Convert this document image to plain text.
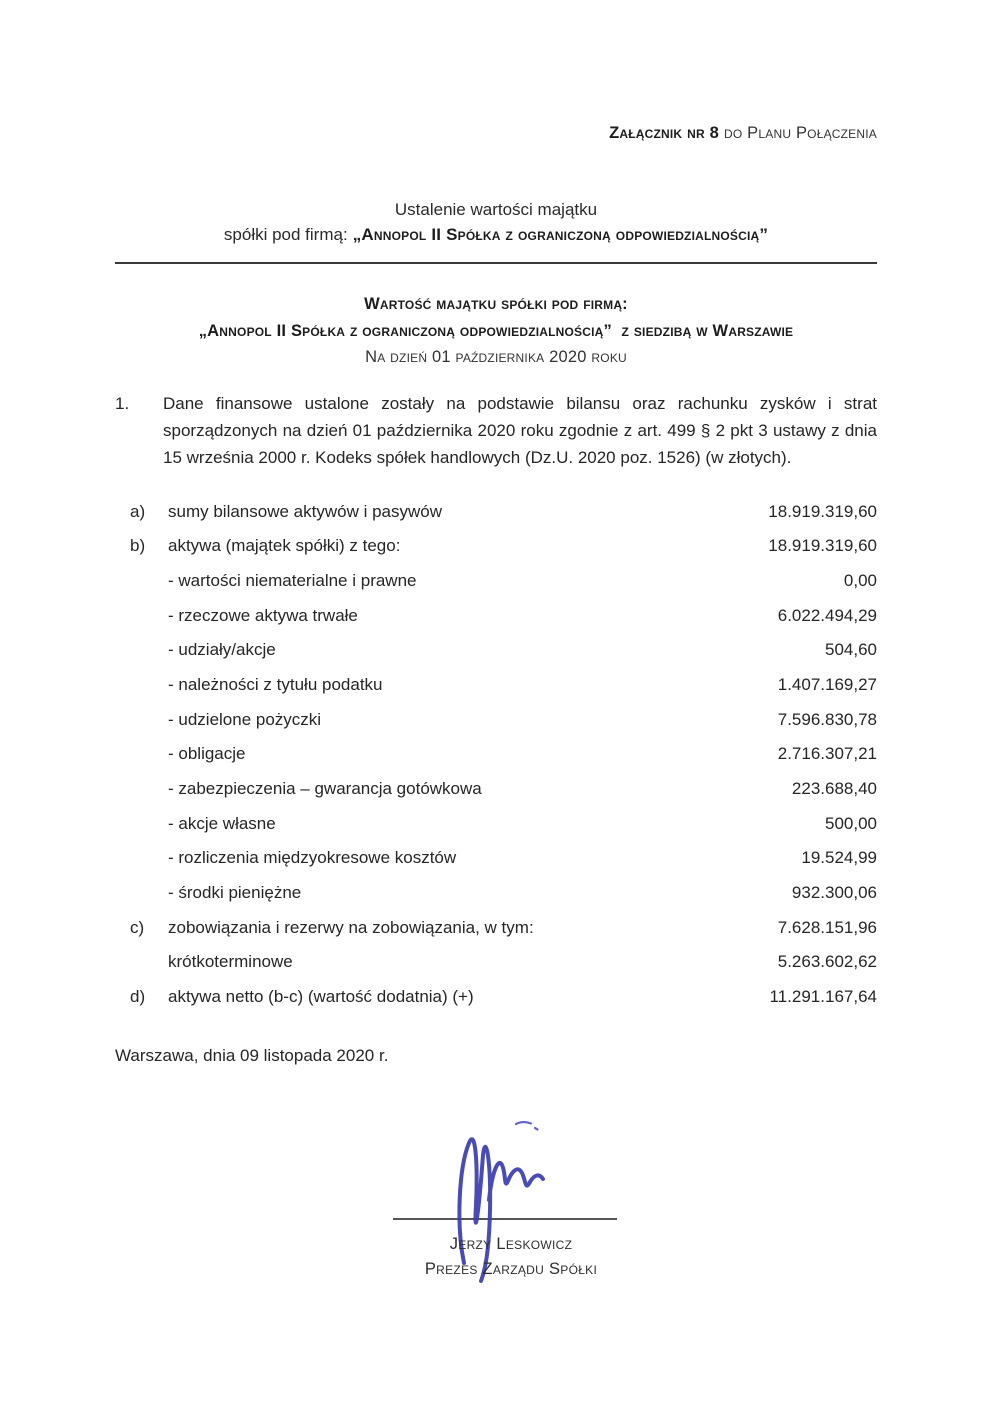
Załącznik nr 8 do Planu Połączenia
Ustalenie wartości majątku
spółki pod firmą: „Annopol II Spółka z ograniczoną odpowiedzialnością”
Wartość majątku spółki pod firmą:
„Annopol II Spółka z ograniczoną odpowiedzialnością”  z siedzibą w Warszawie
Na dzień 01 października 2020 roku
1.	Dane finansowe ustalone zostały na podstawie bilansu oraz rachunku zysków i strat sporządzonych na dzień 01 października 2020 roku zgodnie z art. 499 § 2 pkt 3 ustawy z dnia 15 września 2000 r. Kodeks spółek handlowych (Dz.U. 2020 poz. 1526) (w złotych).
a)	sumy bilansowe aktywów i pasywów	18.919.319,60
b)	aktywa (majątek spółki) z tego:	18.919.319,60
- wartości niematerialne i prawne	0,00
- rzeczowe aktywa trwałe	6.022.494,29
- udziały/akcje	504,60
- należności z tytułu podatku	1.407.169,27
- udzielone pożyczki	7.596.830,78
- obligacje	2.716.307,21
- zabezpieczenia – gwarancja gotówkowa	223.688,40
- akcje własne	500,00
- rozliczenia międzyokresowe kosztów	19.524,99
- środki pieniężne	932.300,06
c)	zobowiązania i rezerwy na zobowiązania, w tym:	7.628.151,96
krótkoterminowe	5.263.602,62
d)	aktywa netto (b-c) (wartość dodatnia) (+)	11.291.167,64
Warszawa, dnia 09 listopada 2020 r.
Jerzy Leskowicz
Prezes Zarządu Spółki
